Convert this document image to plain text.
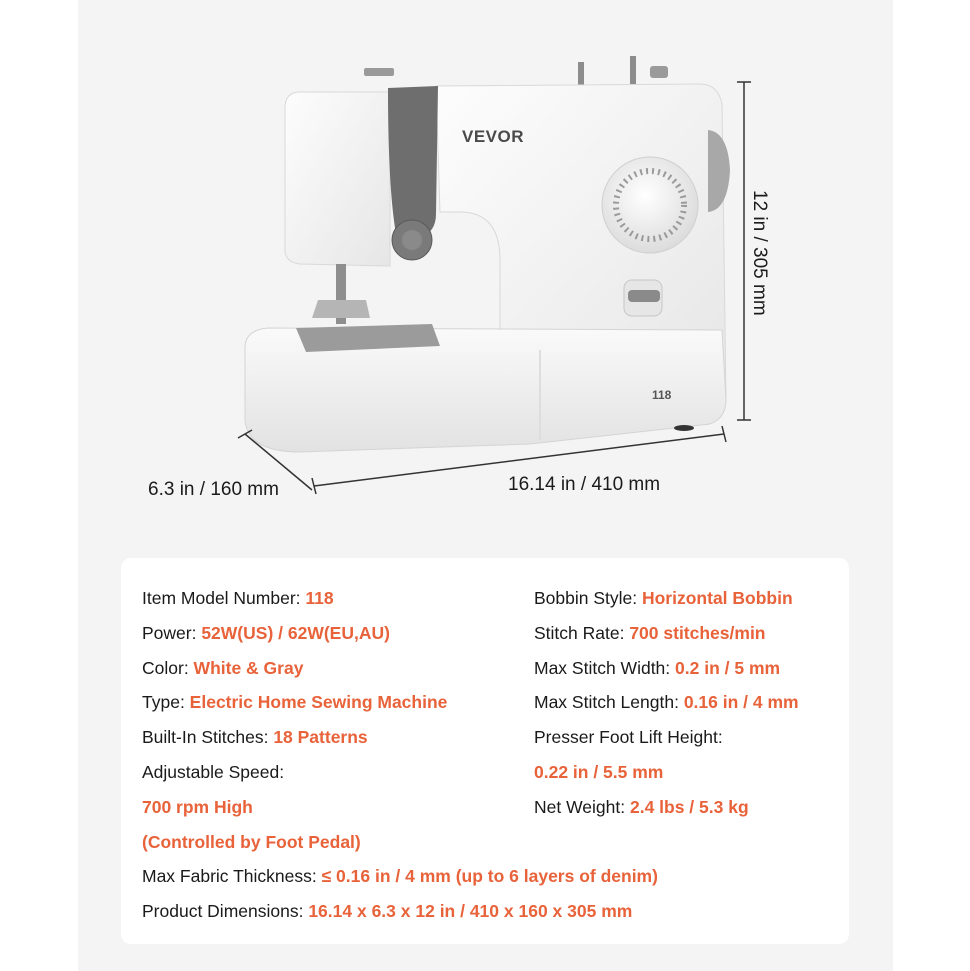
VEVOR
118
16.14 in / 410 mm
6.3 in / 160 mm
12 in / 305 mm
Item Model Number: 118
Power: 52W(US) / 62W(EU,AU)
Color: White & Gray
Type: Electric Home Sewing Machine
Built-In Stitches: 18 Patterns
Adjustable Speed:
700 rpm High
(Controlled by Foot Pedal)
Bobbin Style: Horizontal Bobbin
Stitch Rate: 700 stitches/min
Max Stitch Width: 0.2 in / 5 mm
Max Stitch Length: 0.16 in / 4 mm
Presser Foot Lift Height:
0.22 in / 5.5 mm
Net Weight: 2.4 lbs / 5.3 kg
Max Fabric Thickness: ≤ 0.16 in / 4 mm (up to 6 layers of denim)
Product Dimensions: 16.14 x 6.3 x 12 in / 410 x 160 x 305 mm
